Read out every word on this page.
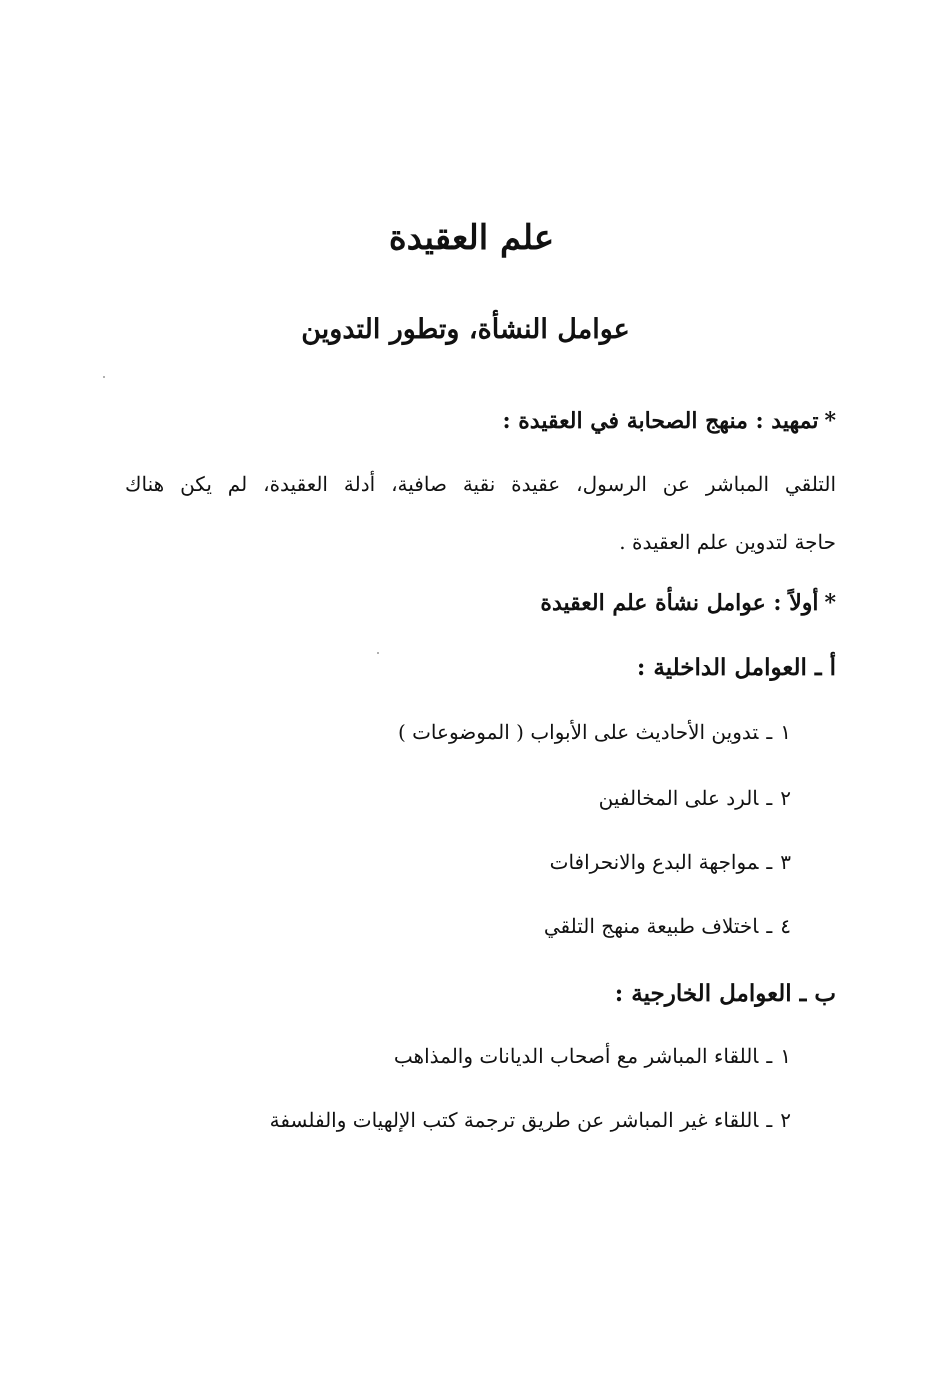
علم العقيدة
عوامل النشأة، وتطور التدوين
*تمهيد : منهج الصحابة في العقيدة :
التلقي المباشر عن الرسول، عقيدة نقية صافية، أدلة العقيدة، لم يكن هناك
حاجة لتدوين علم العقيدة .
*أولاً : عوامل نشأة علم العقيدة
أ ـ العوامل الداخلية :
١ـتدوين الأحاديث على الأبواب ( الموضوعات )
٢ـالرد على المخالفين
٣ـمواجهة البدع والانحرافات
٤ـاختلاف طبيعة منهج التلقي
ب ـ العوامل الخارجية :
١ـاللقاء المباشر مع أصحاب الديانات والمذاهب
٢ـاللقاء غير المباشر عن طريق ترجمة كتب الإلهيات والفلسفة
